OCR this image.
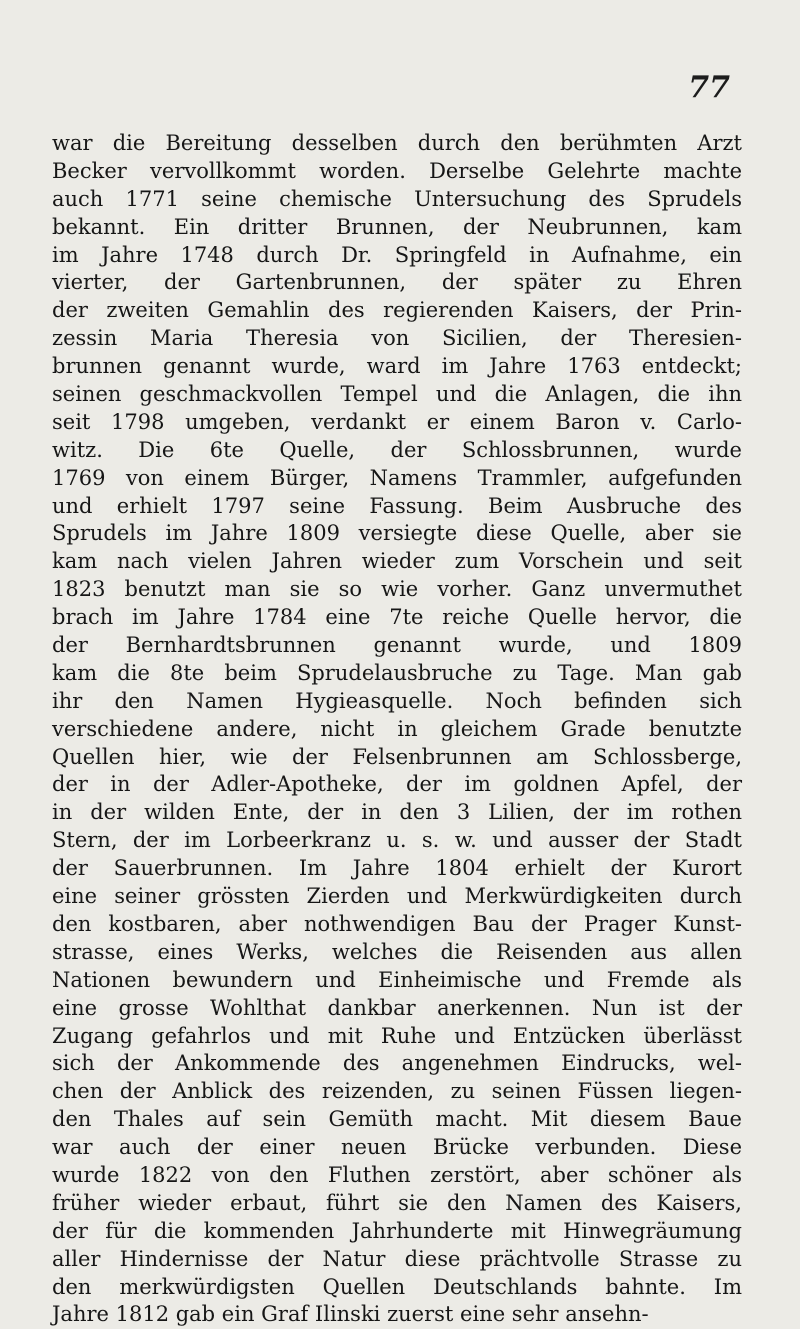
77
war die Bereitung desselben durch den berühmten Arzt
Becker vervollkommt worden. Derselbe Gelehrte machte
auch 1771 seine chemische Untersuchung des Sprudels
bekannt. Ein dritter Brunnen, der Neubrunnen, kam
im Jahre 1748 durch Dr. Springfeld in Aufnahme, ein
vierter, der Gartenbrunnen, der später zu Ehren
der zweiten Gemahlin des regierenden Kaisers, der Prin-
zessin Maria Theresia von Sicilien, der Theresien-
brunnen genannt wurde, ward im Jahre 1763 entdeckt;
seinen geschmackvollen Tempel und die Anlagen, die ihn
seit 1798 umgeben, verdankt er einem Baron v. Carlo-
witz. Die 6te Quelle, der Schlossbrunnen, wurde
1769 von einem Bürger, Namens Trammler, aufgefunden
und erhielt 1797 seine Fassung. Beim Ausbruche des
Sprudels im Jahre 1809 versiegte diese Quelle, aber sie
kam nach vielen Jahren wieder zum Vorschein und seit
1823 benutzt man sie so wie vorher. Ganz unvermuthet
brach im Jahre 1784 eine 7te reiche Quelle hervor, die
der Bernhardtsbrunnen genannt wurde, und 1809
kam die 8te beim Sprudelausbruche zu Tage. Man gab
ihr den Namen Hygieasquelle. Noch befinden sich
verschiedene andere, nicht in gleichem Grade benutzte
Quellen hier, wie der Felsenbrunnen am Schlossberge,
der in der Adler-Apotheke, der im goldnen Apfel, der
in der wilden Ente, der in den 3 Lilien, der im rothen
Stern, der im Lorbeerkranz u. s. w. und ausser der Stadt
der Sauerbrunnen. Im Jahre 1804 erhielt der Kurort
eine seiner grössten Zierden und Merkwürdigkeiten durch
den kostbaren, aber nothwendigen Bau der Prager Kunst-
strasse, eines Werks, welches die Reisenden aus allen
Nationen bewundern und Einheimische und Fremde als
eine grosse Wohlthat dankbar anerkennen. Nun ist der
Zugang gefahrlos und mit Ruhe und Entzücken überlässt
sich der Ankommende des angenehmen Eindrucks, wel-
chen der Anblick des reizenden, zu seinen Füssen liegen-
den Thales auf sein Gemüth macht. Mit diesem Baue
war auch der einer neuen Brücke verbunden. Diese
wurde 1822 von den Fluthen zerstört, aber schöner als
früher wieder erbaut, führt sie den Namen des Kaisers,
der für die kommenden Jahrhunderte mit Hinwegräumung
aller Hindernisse der Natur diese prächtvolle Strasse zu
den merkwürdigsten Quellen Deutschlands bahnte. Im
Jahre 1812 gab ein Graf Ilinski zuerst eine sehr ansehn-
